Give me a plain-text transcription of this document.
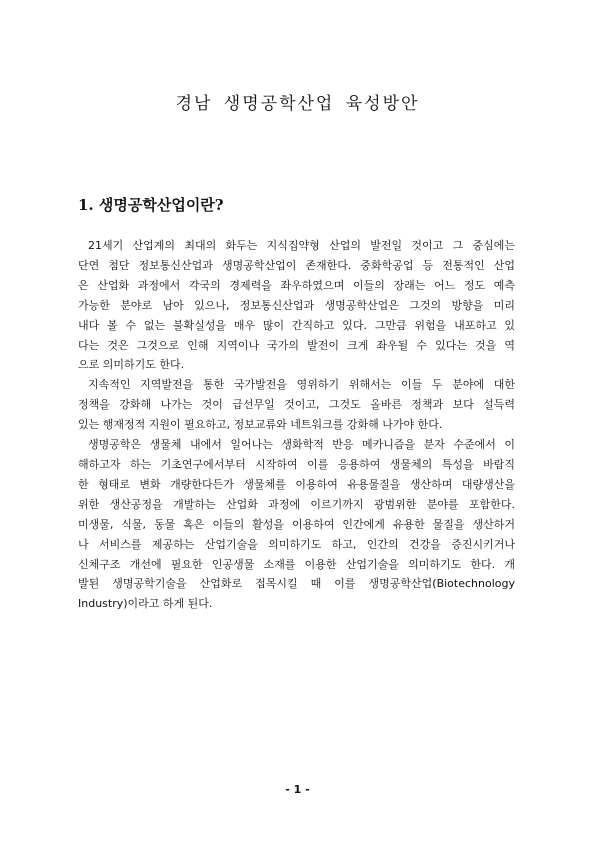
경남 생명공학산업 육성방안
1. 생명공학산업이란?
21세기 산업계의 최대의 화두는 지식집약형 산업의 발전일 것이고 그 중심에는
단연 첨단 정보통신산업과 생명공학산업이 존재한다. 중화학공업 등 전통적인 산업
은 산업화 과정에서 각국의 경제력을 좌우하였으며 이들의 장래는 어느 정도 예측
가능한 분야로 남아 있으나, 정보통신산업과 생명공학산업은 그것의 방향을 미리
내다 볼 수 없는 불확실성을 매우 많이 간직하고 있다. 그만큼 위험을 내포하고 있
다는 것은 그것으로 인해 지역이나 국가의 발전이 크게 좌우될 수 있다는 것을 역
으로 의미하기도 한다.
지속적인 지역발전을 통한 국가발전을 영위하기 위해서는 이들 두 분야에 대한
정책을 강화해 나가는 것이 급선무일 것이고, 그것도 올바른 정책과 보다 설득력
있는 행재정적 지원이 필요하고, 정보교류와 네트워크를 강화해 나가야 한다.
생명공학은 생물체 내에서 일어나는 생화학적 반응 메카니즘을 분자 수준에서 이
해하고자 하는 기초연구에서부터 시작하여 이를 응용하여 생물체의 특성을 바람직
한 형태로 변화 개량한다든가 생물체를 이용하여 유용물질을 생산하며 대량생산을
위한 생산공정을 개발하는 산업화 과정에 이르기까지 광범위한 분야를 포함한다.
미생물, 식물, 동물 혹은 이들의 활성을 이용하여 인간에게 유용한 물질을 생산하거
나 서비스를 제공하는 산업기술을 의미하기도 하고, 인간의 건강을 증진시키거나
신체구조 개선에 필요한 인공생물 소재를 이용한 산업기술을 의미하기도 한다. 개
발된 생명공학기술을 산업화로 접목시킬 때 이를 생명공학산업(Biotechnology
Industry)이라고 하게 된다.
- 1 -
